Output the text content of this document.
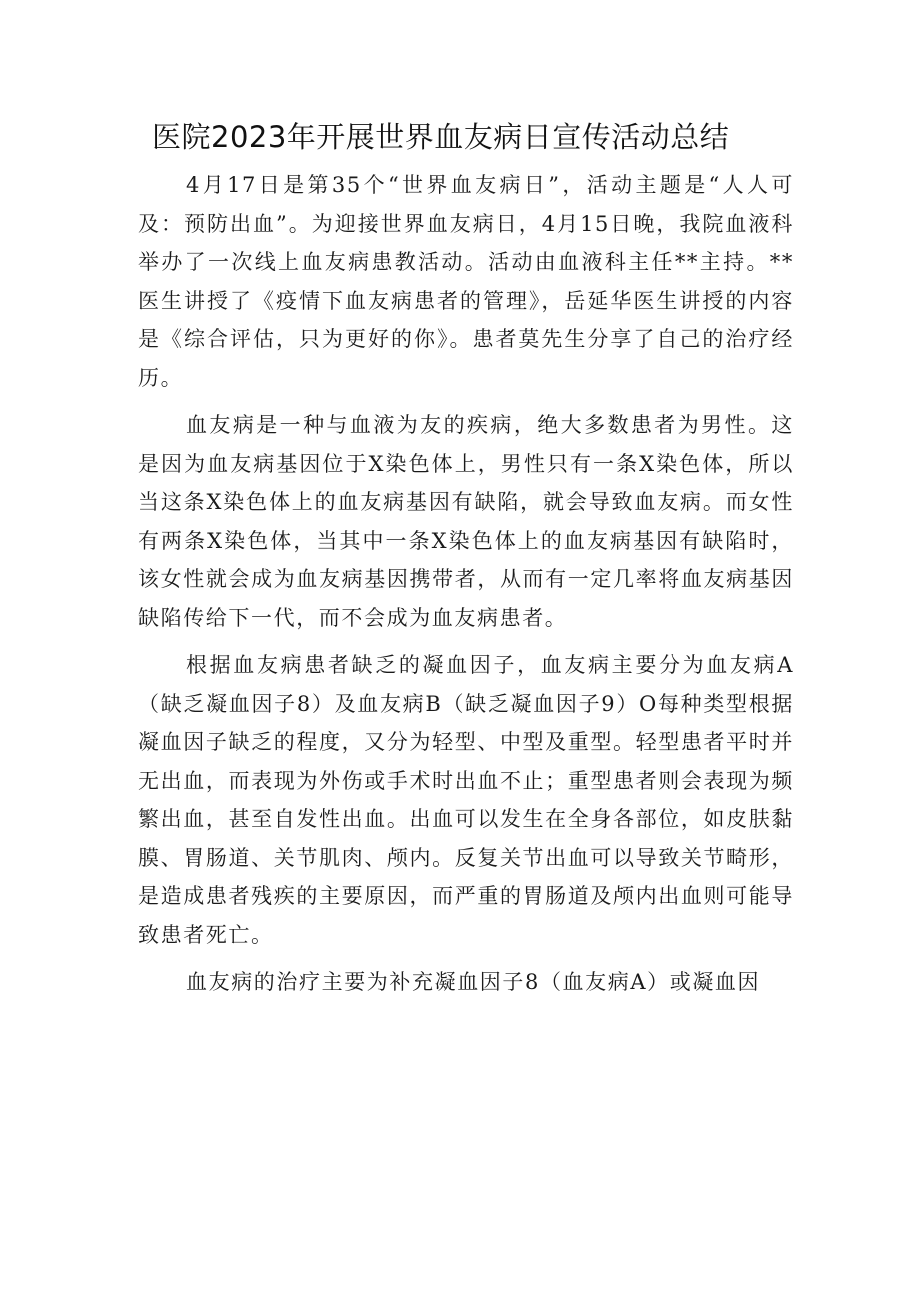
医院2023年开展世界血友病日宣传活动总结

4月17日是第35个“世界血友病日”，活动主题是“人人可及：预防出血”。为迎接世界血友病日，4月15日晚，我院血液科举办了一次线上血友病患教活动。活动由血液科主任**主持。**医生讲授了《疫情下血友病患者的管理》，岳延华医生讲授的内容是《综合评估，只为更好的你》。患者莫先生分享了自己的治疗经历。

血友病是一种与血液为友的疾病，绝大多数患者为男性。这是因为血友病基因位于X染色体上，男性只有一条X染色体，所以当这条X染色体上的血友病基因有缺陷，就会导致血友病。而女性有两条X染色体，当其中一条X染色体上的血友病基因有缺陷时，该女性就会成为血友病基因携带者，从而有一定几率将血友病基因缺陷传给下一代，而不会成为血友病患者。

根据血友病患者缺乏的凝血因子，血友病主要分为血友病A（缺乏凝血因子8）及血友病B（缺乏凝血因子9）O每种类型根据凝血因子缺乏的程度，又分为轻型、中型及重型。轻型患者平时并无出血，而表现为外伤或手术时出血不止；重型患者则会表现为频繁出血，甚至自发性出血。出血可以发生在全身各部位，如皮肤黏膜、胃肠道、关节肌肉、颅内。反复关节出血可以导致关节畸形，是造成患者残疾的主要原因，而严重的胃肠道及颅内出血则可能导致患者死亡。

血友病的治疗主要为补充凝血因子8（血友病A）或凝血因
